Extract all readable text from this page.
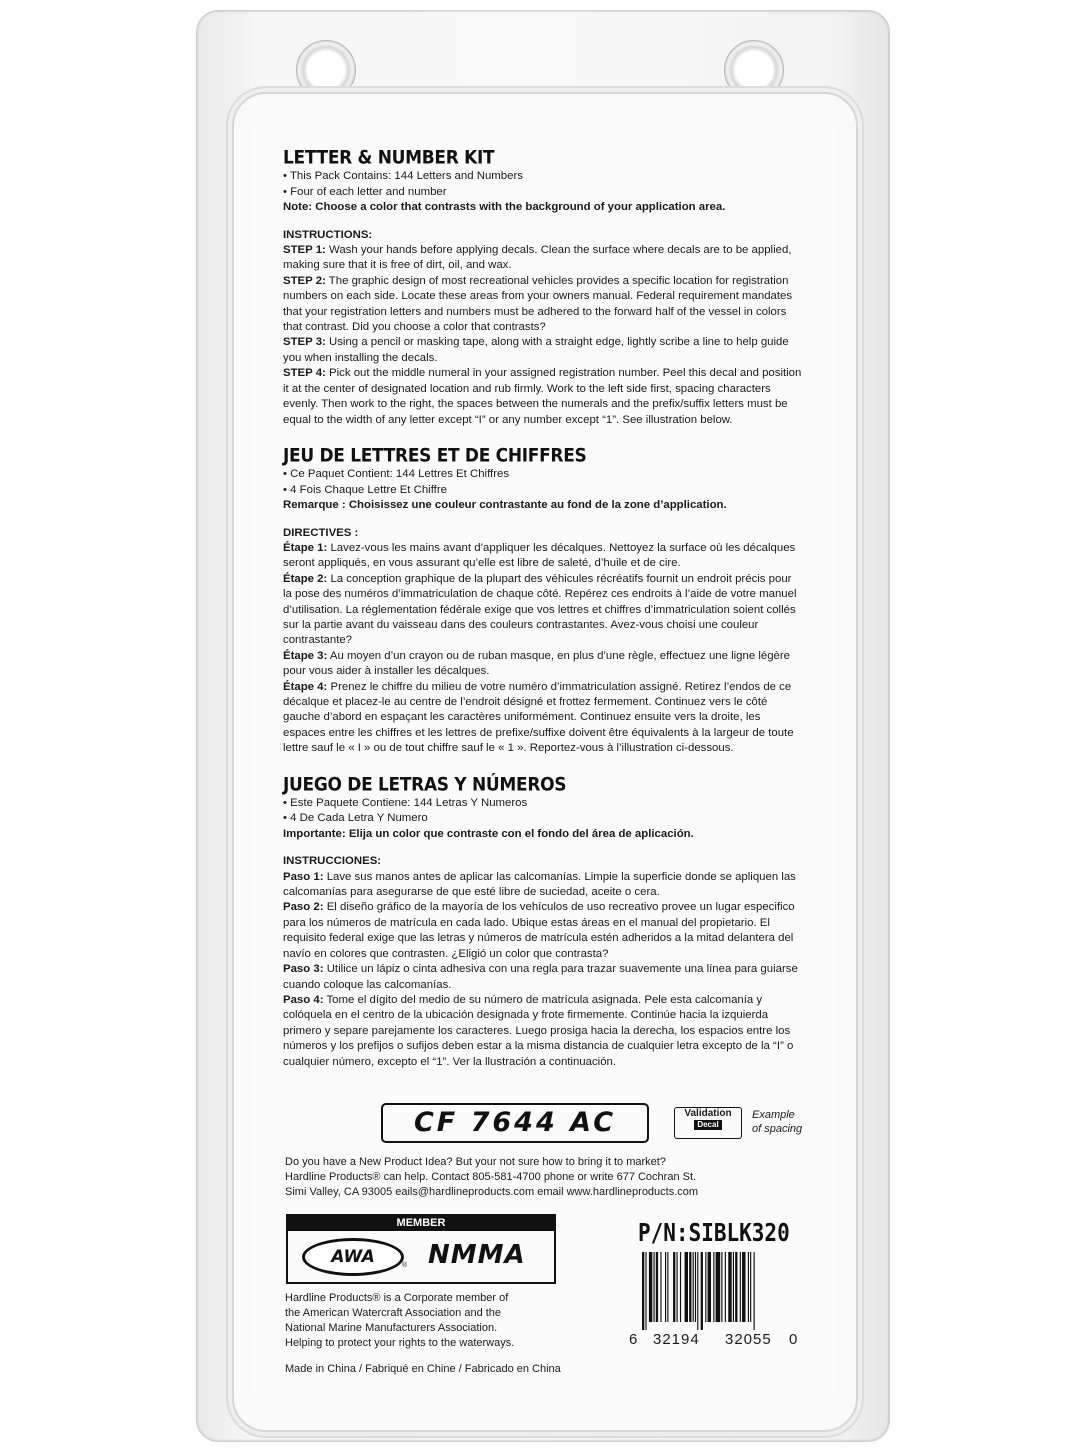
LETTER & NUMBER KIT

• This Pack Contains: 144 Letters and Numbers

• Four of each letter and number

Note: Choose a color that contrasts with the background of your application area.

INSTRUCTIONS:

STEP 1: Wash your hands before applying decals. Clean the surface where decals are to be applied, making sure that it is free of dirt, oil, and wax.

STEP 2: The graphic design of most recreational vehicles provides a specific location for registration numbers on each side. Locate these areas from your owners manual. Federal requirement mandates that your registration letters and numbers must be adhered to the forward half of the vessel in colors that contrast. Did you choose a color that contrasts?

STEP 3: Using a pencil or masking tape, along with a straight edge, lightly scribe a line to help guide you when installing the decals.

STEP 4: Pick out the middle numeral in your assigned registration number. Peel this decal and position it at the center of designated location and rub firmly. Work to the left side first, spacing characters evenly. Then work to the right, the spaces between the numerals and the prefix/suffix letters must be equal to the width of any letter except “I” or any number except “1”. See illustration below.

JEU DE LETTRES ET DE CHIFFRES

• Ce Paquet Contient: 144 Lettres Et Chiffres

• 4 Fois Chaque Lettre Et Chiffre

Remarque : Choisissez une couleur contrastante au fond de la zone d’application.

DIRECTIVES :

Étape 1: Lavez-vous les mains avant d’appliquer les décalques. Nettoyez la surface où les décalques seront appliqués, en vous assurant qu’elle est libre de saleté, d’huile et de cire.

Étape 2: La conception graphique de la plupart des véhicules récréatifs fournit un endroit précis pour la pose des numéros d’immatriculation de chaque côté. Repérez ces endroits à l’aide de votre manuel d’utilisation. La réglementation fédérale exige que vos lettres et chiffres d’immatriculation soient collés sur la partie avant du vaisseau dans des couleurs contrastantes. Avez-vous choisi une couleur contrastante?

Étape 3: Au moyen d’un crayon ou de ruban masque, en plus d’une règle, effectuez une ligne légère pour vous aider à installer les décalques.

Étape 4: Prenez le chiffre du milieu de votre numéro d’immatriculation assigné. Retirez l’endos de ce décalque et placez-le au centre de l’endroit désigné et frottez fermement. Continuez vers le côté gauche d’abord en espaçant les caractères uniformément. Continuez ensuite vers la droite, les espaces entre les chiffres et les lettres de prefixe/suffixe doivent être équivalents à la largeur de toute lettre sauf le « I » ou de tout chiffre sauf le « 1 ». Reportez-vous à l’illustration ci-dessous.

JUEGO DE LETRAS Y NÚMEROS

• Este Paquete Contiene: 144 Letras Y Numeros

• 4 De Cada Letra Y Numero

Importante: Elija un color que contraste con el fondo del área de aplicación.

INSTRUCCIONES:

Paso 1: Lave sus manos antes de aplicar las calcomanías. Limpie la superficie donde se apliquen las calcomanías para asegurarse de que esté libre de suciedad, aceite o cera.

Paso 2: El diseño gráfico de la mayoría de los vehículos de uso recreativo provee un lugar especifico para los números de matrícula en cada lado. Ubique estas áreas en el manual del propietario. El requisito federal exige que las letras y números de matrícula estén adheridos a la mitad delantera del navío en colores que contrasten. ¿Eligió un color que contrasta?

Paso 3: Utilice un lápiz o cinta adhesiva con una regla para trazar suavemente una línea para guiarse cuando coloque las calcomanías.

Paso 4: Tome el dígito del medio de su número de matrícula asignada. Pele esta calcomanía y colóquela en el centro de la ubicación designada y frote firmemente. Continúe hacia la izquierda primero y separe parejamente los caracteres. Luego prosiga hacia la derecha, los espacios entre los números y los prefijos o sufijos deben estar a la misma distancia de cualquier letra excepto de la “I” o cualquier número, excepto el “1”. Ver la llustración a continuación.

CF 7644 AC	Validation
Decal
Example
of spacing
Do you have a New Product Idea? But your not sure how to bring it to market?
Hardline Products® can help. Contact 805-581-4700 phone or write 677 Cochran St.
Simi Valley, CA 93005 eails@hardlineproducts.com email www.hardlineproducts.com
MEMBER
AWA	® NMMA
Hardline Products® is a Corporate member of
the American Watercraft Association and the
National Marine Manufacturers Association.
Helping to protect your rights to the waterways.
Made in China / Fabriqué en Chine / Fabricado en China
P/N:SIBLK320
6 32194 32055 0
